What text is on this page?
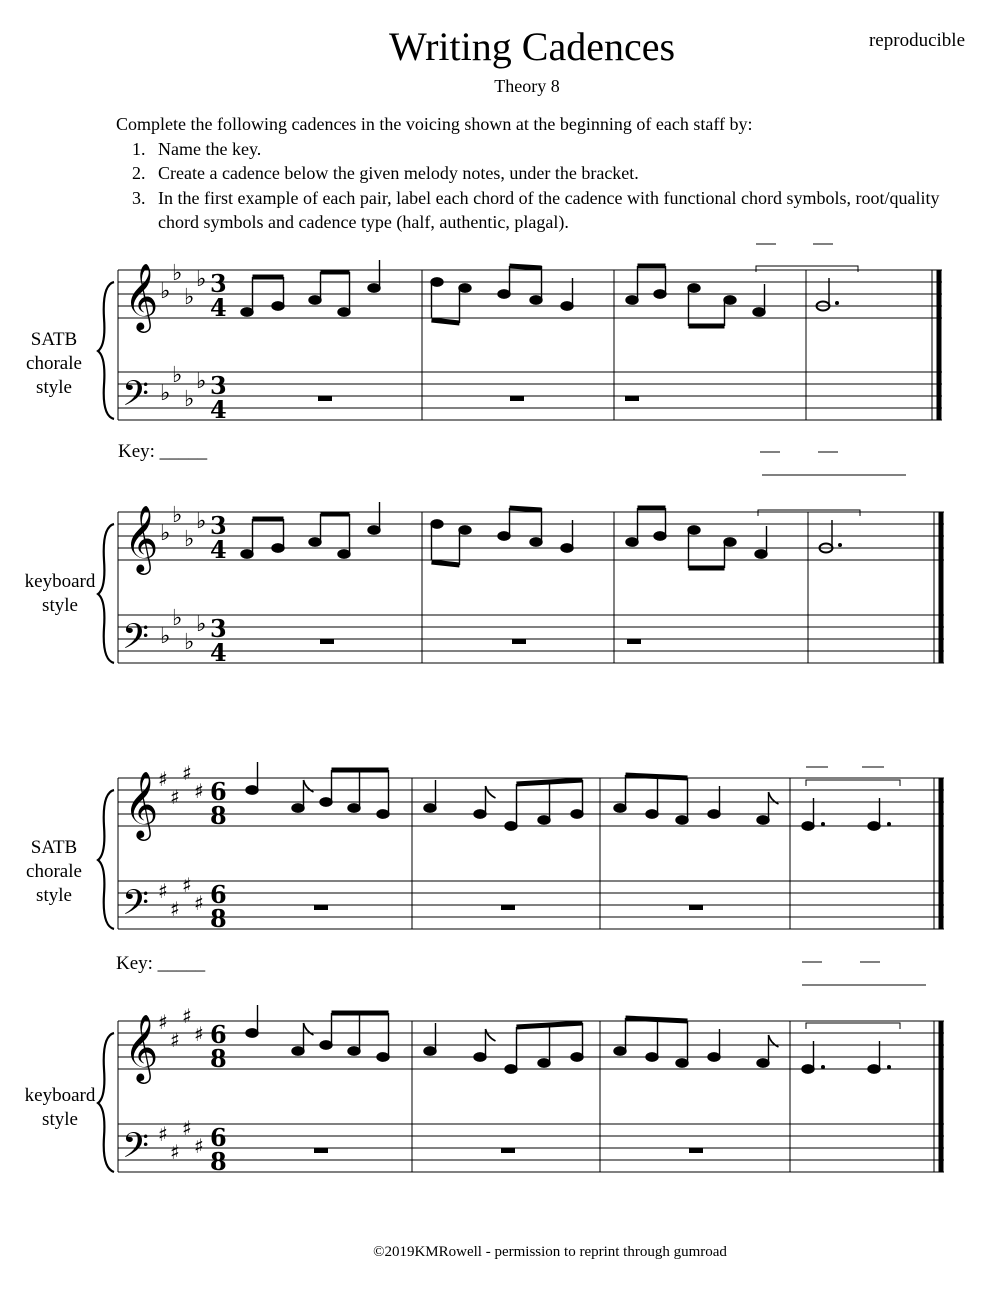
Writing Cadences
Theory 8
reproducible
Complete the following cadences in the voicing shown at the beginning of each staff by:
1. Name the key.
2. Create a cadence below the given melody notes, under the bracket.
3. In the first example of each pair, label each chord of the cadence with functional chord symbols, root/quality chord symbols and cadence type (half, authentic, plagal).
SATB
chorale
style
keyboard
style
SATB
chorale
style
keyboard
style
Key: _____
Key: _____
©2019KMRowell - permission to reprint through gumroad
𝄞
𝄢
♭
♭
♭
♭
♭
♭
♭
♭
3
4
3
4
𝄞
𝄢
♭
♭
♭
♭
♭
♭
♭
♭
3
4
3
4
𝄞
𝄢
♯
♯
♯
♯
♯
♯
♯
♯
6
8
6
8
𝄞
𝄢
♯
♯
♯
♯
♯
♯
♯
♯
6
8
6
8
